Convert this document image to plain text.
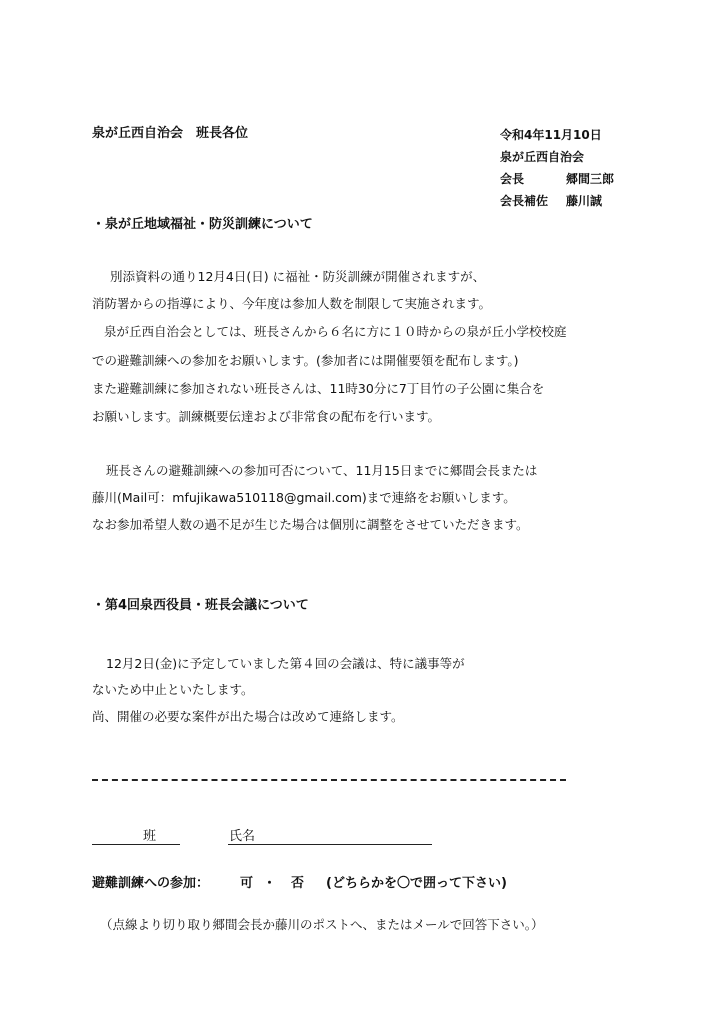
泉が丘西自治会　班長各位	令和4年11月10日
泉が丘西自治会
会長	郷間三郎
会長補佐	藤川誠
・泉が丘地域福祉・防災訓練について
別添資料の通り12月4日(日) に福祉・防災訓練が開催されますが、
消防署からの指導により、今年度は参加人数を制限して実施されます。
泉が丘西自治会としては、班長さんから６名に方に１０時からの泉が丘小学校校庭
での避難訓練への参加をお願いします。(参加者には開催要領を配布します。)
また避難訓練に参加されない班長さんは、11時30分に7丁目竹の子公園に集合を
お願いします。訓練概要伝達および非常食の配布を行います。
班長さんの避難訓練への参加可否について、11月15日までに郷間会長または
藤川(Mail可：mfujikawa510118@gmail.com)まで連絡をお願いします。
なお参加希望人数の過不足が生じた場合は個別に調整をさせていただきます。
・第4回泉西役員・班長会議について
12月2日(金)に予定していました第４回の会議は、特に議事等が
ないため中止といたします。
尚、開催の必要な案件が出た場合は改めて連絡します。
班	氏名
避難訓練への参加： 可 ・ 否 (どちらかを〇で囲って下さい)
（点線より切り取り郷間会長か藤川のポストへ、またはメールで回答下さい。）
